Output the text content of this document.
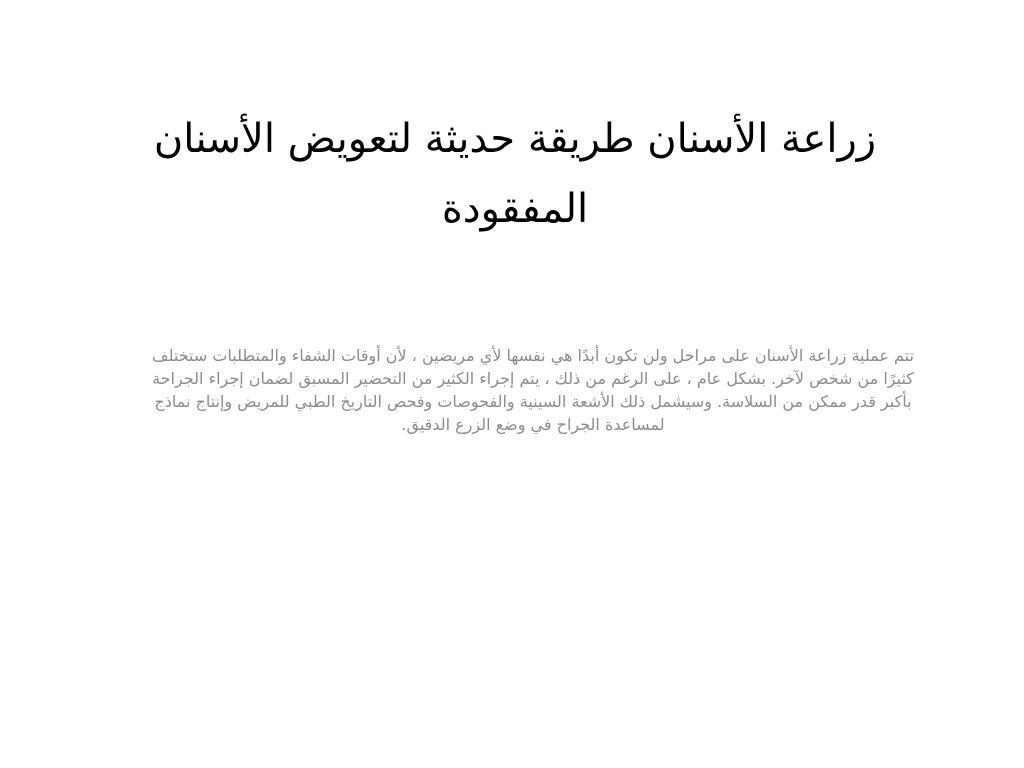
زراعة الأسنان طريقة حديثة لتعويض الأسنان المفقودة

تتم عملية زراعة الأسنان على مراحل ولن تكون أبدًا هي نفسها لأي مريضين ، لأن أوقات الشفاء والمتطلبات ستختلف كثيرًا من شخص لآخر. بشكل عام ، على الرغم من ذلك ، يتم إجراء الكثير من التحضير المسبق لضمان إجراء الجراحة بأكبر قدر ممكن من السلاسة. وسيشمل ذلك الأشعة السينية والفحوصات وفحص التاريخ الطبي للمريض وإنتاج نماذج لمساعدة الجراح في وضع الزرع الدقيق.
